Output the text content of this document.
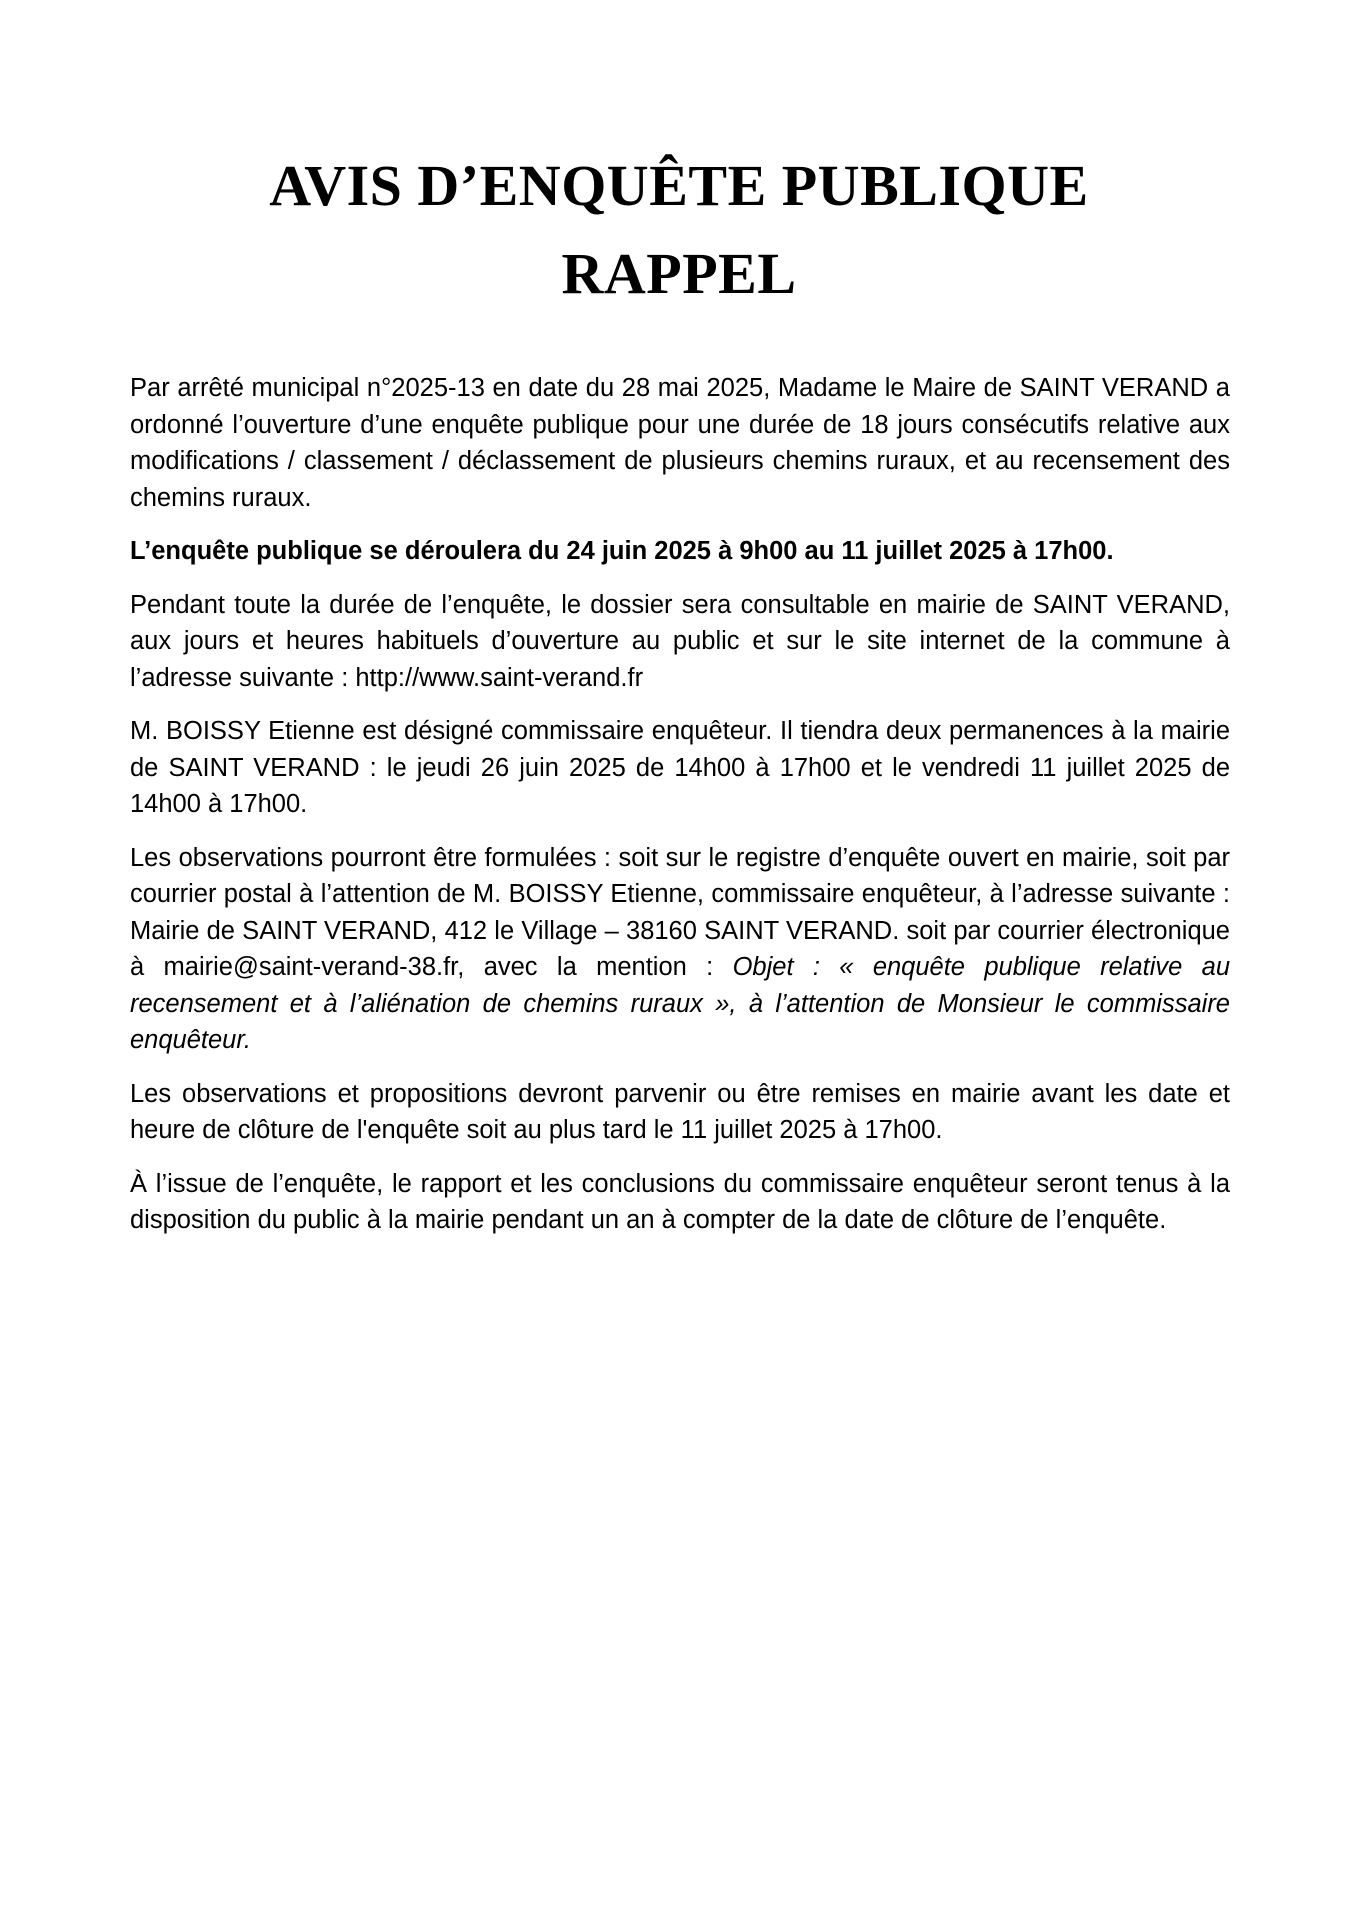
AVIS D’ENQUÊTE PUBLIQUE
RAPPEL

Par arrêté municipal n°2025-13 en date du 28 mai 2025, Madame le Maire de SAINT VERAND a ordonné l’ouverture d’une enquête publique pour une durée de 18 jours consécutifs relative aux modifications / classement / déclassement de plusieurs chemins ruraux, et au recensement des chemins ruraux.

L’enquête publique se déroulera du 24 juin 2025 à 9h00 au 11 juillet 2025 à 17h00.

Pendant toute la durée de l’enquête, le dossier sera consultable en mairie de SAINT VERAND, aux jours et heures habituels d’ouverture au public et sur le site internet de la commune à l’adresse suivante : http://www.saint-verand.fr

M. BOISSY Etienne est désigné commissaire enquêteur. Il tiendra deux permanences à la mairie de SAINT VERAND : le jeudi 26 juin 2025 de 14h00 à 17h00 et le vendredi 11 juillet 2025 de 14h00 à 17h00.

Les observations pourront être formulées : soit sur le registre d’enquête ouvert en mairie, soit par courrier postal à l’attention de M. BOISSY Etienne, commissaire enquêteur, à l’adresse suivante : Mairie de SAINT VERAND, 412 le Village – 38160 SAINT VERAND. soit par courrier électronique à mairie@saint-verand-38.fr, avec la mention : Objet : « enquête publique relative au recensement et à l’aliénation de chemins ruraux », à l’attention de Monsieur le commissaire enquêteur.

Les observations et propositions devront parvenir ou être remises en mairie avant les date et heure de clôture de l'enquête soit au plus tard le 11 juillet 2025 à 17h00.

À l’issue de l’enquête, le rapport et les conclusions du commissaire enquêteur seront tenus à la disposition du public à la mairie pendant un an à compter de la date de clôture de l’enquête.
